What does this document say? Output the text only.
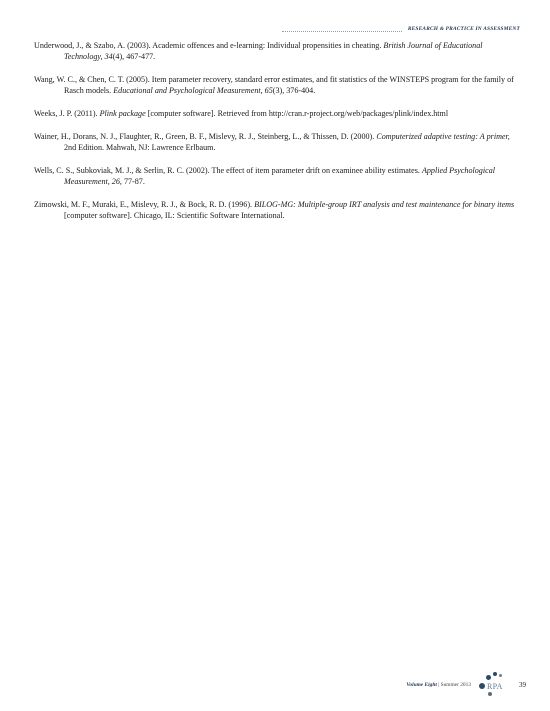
RESEARCH & PRACTICE IN ASSESSMENT

Underwood, J., & Szabo, A. (2003). Academic offences and e-learning: Individual propensities in cheating. British Journal of Educational Technology, 34(4), 467-477.

Wang, W. C., & Chen, C. T. (2005). Item parameter recovery, standard error estimates, and fit statistics of the WINSTEPS program for the family of Rasch models. Educational and Psychological Measurement, 65(3), 376-404.

Weeks, J. P. (2011). Plink package [computer software]. Retrieved from http://cran.r-project.org/web/packages/plink/index.html

Wainer, H., Dorans, N. J., Flaughter, R., Green, B. F., Mislevy, R. J., Steinberg, L., & Thissen, D. (2000). Computerized adaptive testing: A primer, 2nd Edition. Mahwah, NJ: Lawrence Erlbaum.

Wells, C. S., Subkoviak, M. J., & Serlin, R. C. (2002). The effect of item parameter drift on examinee ability estimates. Applied Psychological Measurement, 26, 77-87.

Zimowski, M. F., Muraki, E., Mislevy, R. J., & Bock, R. D. (1996). BILOG-MG: Multiple-group IRT analysis and test maintenance for binary items [computer software]. Chicago, IL: Scientific Software International.

Volume Eight | Summer 2013 RPA 39
